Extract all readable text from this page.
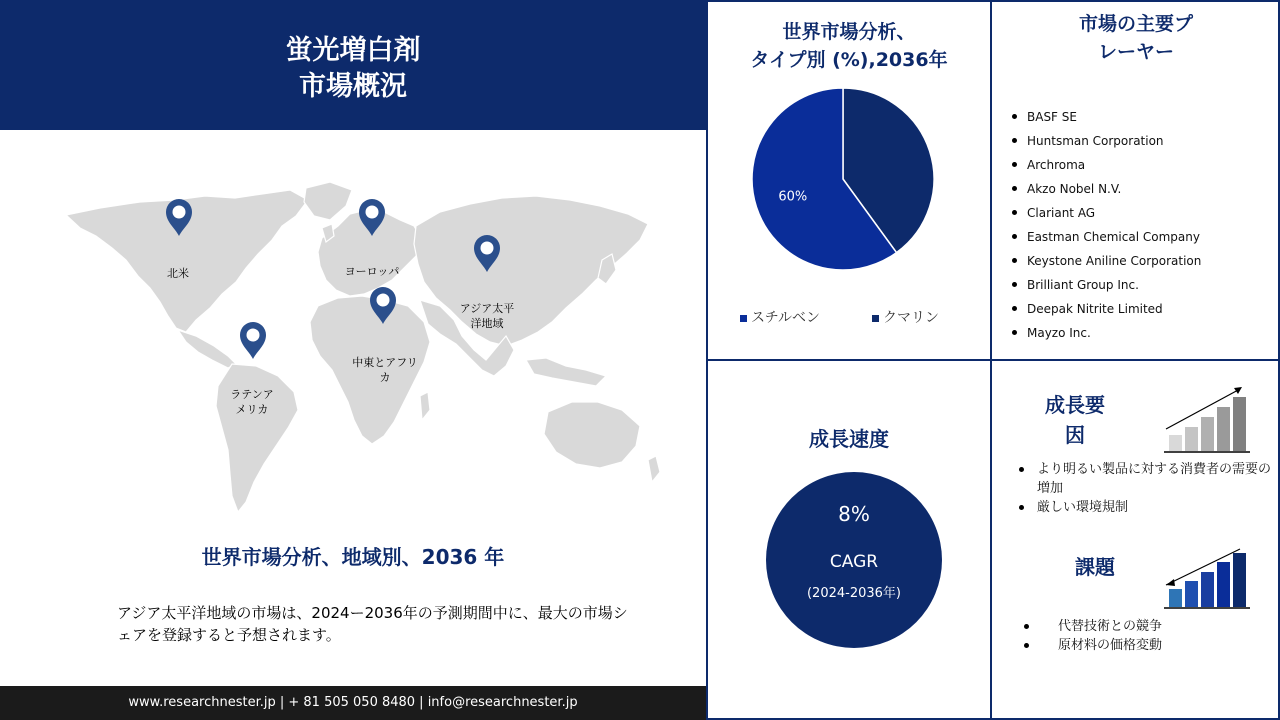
蛍光増白剤
市場概況
北米	ヨーロッパ
アジア太平洋地域
中東とアフリカ
ラテンアメリカ
世界市場分析、地域別、2036 年
アジア太平洋地域の市場は、2024ー2036年の予測期間中に、最大の市場シェアを登録すると予想されます。
www.researchnester.jp | + 81 505 050 8480 | info@researchnester.jp
世界市場分析、
タイプ別 (%),2036年
60%
スチルベン	クマリン
市場の主要プ
レーヤー
BASF SE
Huntsman Corporation
Archroma
Akzo Nobel N.V.
Clariant AG
Eastman Chemical Company
Keystone Aniline Corporation
Brilliant Group Inc.
Deepak Nitrite Limited
Mayzo Inc.
成長速度
8%
CAGR
(2024-2036年)
成長要
因
より明るい製品に対する消費者の需要の増加
厳しい環境規制
課題
代替技術との競争
原材料の価格変動
